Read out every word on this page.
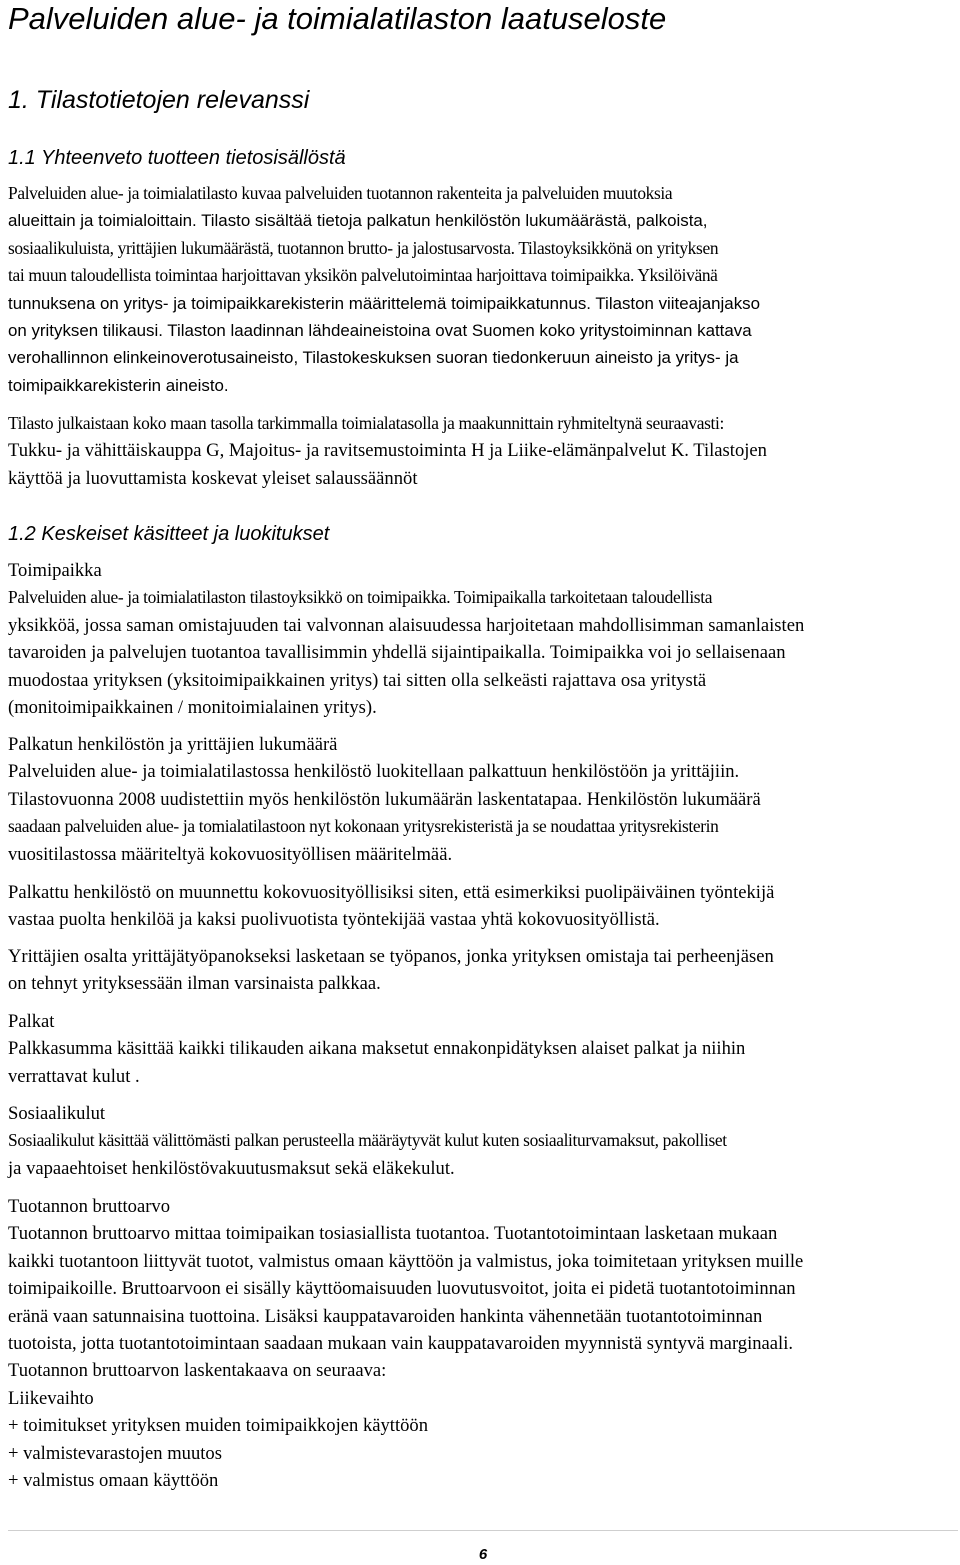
Palveluiden alue- ja toimialatilaston laatuseloste
1. Tilastotietojen relevanssi
1.1 Yhteenveto tuotteen tietosisällöstä
Palveluiden alue- ja toimialatilasto kuvaa palveluiden tuotannon rakenteita ja palveluiden muutoksia
alueittain ja toimialoittain. Tilasto sisältää tietoja palkatun henkilöstön lukumäärästä, palkoista,
sosiaalikuluista, yrittäjien lukumäärästä, tuotannon brutto- ja jalostusarvosta. Tilastoyksikkönä on yrityksen
tai muun taloudellista toimintaa harjoittavan yksikön palvelutoimintaa harjoittava toimipaikka. Yksilöivänä
tunnuksena on yritys- ja toimipaikkarekisterin määrittelemä toimipaikkatunnus. Tilaston viiteajanjakso
on yrityksen tilikausi. Tilaston laadinnan lähdeaineistoina ovat Suomen koko yritystoiminnan kattava
verohallinnon elinkeinoverotusaineisto, Tilastokeskuksen suoran tiedonkeruun aineisto ja yritys- ja
toimipaikkarekisterin aineisto.
Tilasto julkaistaan koko maan tasolla tarkimmalla toimialatasolla ja maakunnittain ryhmiteltynä seuraavasti:
Tukku- ja vähittäiskauppa G, Majoitus- ja ravitsemustoiminta H ja Liike-elämänpalvelut K. Tilastojen
käyttöä ja luovuttamista koskevat yleiset salaussäännöt
1.2 Keskeiset käsitteet ja luokitukset
Toimipaikka
Palveluiden alue- ja toimialatilaston tilastoyksikkö on toimipaikka. Toimipaikalla tarkoitetaan taloudellista
yksikköä, jossa saman omistajuuden tai valvonnan alaisuudessa harjoitetaan mahdollisimman samanlaisten
tavaroiden ja palvelujen tuotantoa tavallisimmin yhdellä sijaintipaikalla. Toimipaikka voi jo sellaisenaan
muodostaa yrityksen (yksitoimipaikkainen yritys) tai sitten olla selkeästi rajattava osa yritystä
(monitoimipaikkainen / monitoimialainen yritys).
Palkatun henkilöstön ja yrittäjien lukumäärä
Palveluiden alue- ja toimialatilastossa henkilöstö luokitellaan palkattuun henkilöstöön ja yrittäjiin.
Tilastovuonna 2008 uudistettiin myös henkilöstön lukumäärän laskentatapaa. Henkilöstön lukumäärä
saadaan palveluiden alue- ja tomialatilastoon nyt kokonaan yritysrekisteristä ja se noudattaa yritysrekisterin
vuositilastossa määriteltyä kokovuosityöllisen määritelmää.
Palkattu henkilöstö on muunnettu kokovuosityöllisiksi siten, että esimerkiksi puolipäiväinen työntekijä
vastaa puolta henkilöä ja kaksi puolivuotista työntekijää vastaa yhtä kokovuosityöllistä.
Yrittäjien osalta yrittäjätyöpanokseksi lasketaan se työpanos, jonka yrityksen omistaja tai perheenjäsen
on tehnyt yrityksessään ilman varsinaista palkkaa.
Palkat
Palkkasumma käsittää kaikki tilikauden aikana maksetut ennakonpidätyksen alaiset palkat ja niihin
verrattavat kulut .
Sosiaalikulut
Sosiaalikulut käsittää välittömästi palkan perusteella määräytyvät kulut kuten sosiaaliturvamaksut, pakolliset
ja vapaaehtoiset henkilöstövakuutusmaksut sekä eläkekulut.
Tuotannon bruttoarvo
Tuotannon bruttoarvo mittaa toimipaikan tosiasiallista tuotantoa. Tuotantotoimintaan lasketaan mukaan
kaikki tuotantoon liittyvät tuotot, valmistus omaan käyttöön ja valmistus, joka toimitetaan yrityksen muille
toimipaikoille. Bruttoarvoon ei sisälly käyttöomaisuuden luovutusvoitot, joita ei pidetä tuotantotoiminnan
eränä vaan satunnaisina tuottoina. Lisäksi kauppatavaroiden hankinta vähennetään tuotantotoiminnan
tuotoista, jotta tuotantotoimintaan saadaan mukaan vain kauppatavaroiden myynnistä syntyvä marginaali.
Tuotannon bruttoarvon laskentakaava on seuraava:
Liikevaihto
+ toimitukset yrityksen muiden toimipaikkojen käyttöön
+ valmistevarastojen muutos
+ valmistus omaan käyttöön
6
